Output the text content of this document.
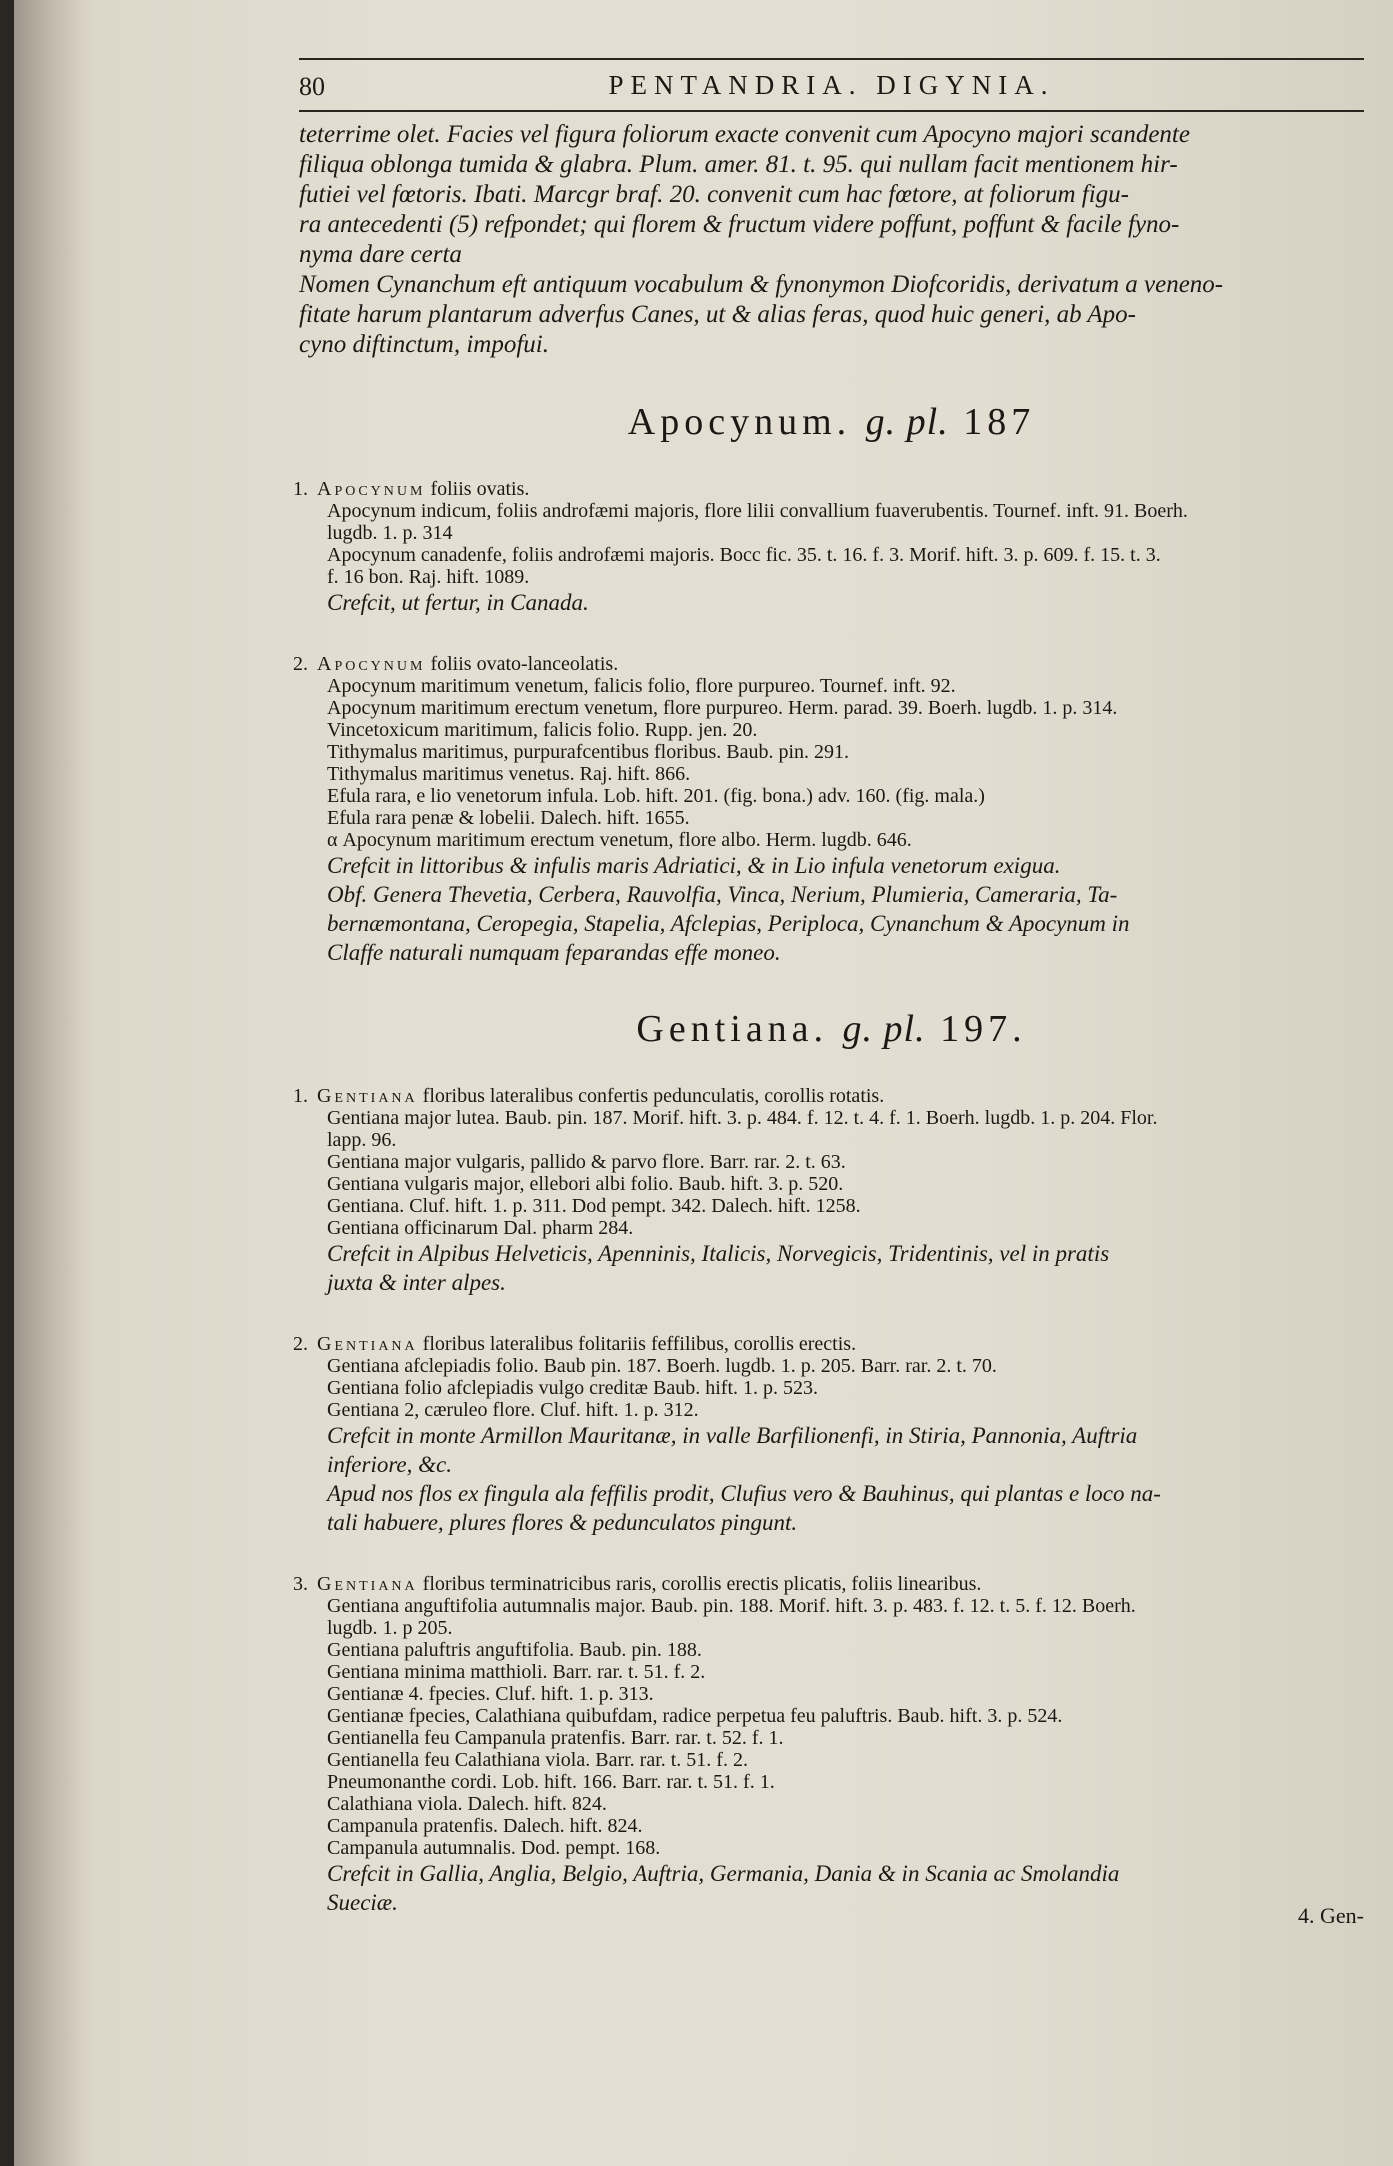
80	PENTANDRIA. DIGYNIA.
teterrime olet. Facies vel figura foliorum exacte convenit cum Apocyno majori scandente
filiqua oblonga tumida & glabra. Plum. amer. 81. t. 95. qui nullam facit mentionem hir-
futiei vel fœtoris. Ibati. Marcgr braf. 20. convenit cum hac fœtore, at foliorum figu-
ra antecedenti (5) refpondet; qui florem & fructum videre poffunt, poffunt & facile fyno-
nyma dare certa
Nomen Cynanchum eft antiquum vocabulum & fynonymon Diofcoridis, derivatum a veneno-
fitate harum plantarum adverfus Canes, ut & alias feras, quod huic generi, ab Apo-
cyno diftinctum, impofui.
Apocynum. g. pl. 187
1. Apocynum foliis ovatis.
Apocynum indicum, foliis androfæmi majoris, flore lilii convallium fuaverubentis. Tournef. inft. 91. Boerh.
lugdb. 1. p. 314
Apocynum canadenfe, foliis androfæmi majoris. Bocc fic. 35. t. 16. f. 3. Morif. hift. 3. p. 609. f. 15. t. 3.
f. 16 bon. Raj. hift. 1089.
Crefcit, ut fertur, in Canada.
2. Apocynum foliis ovato-lanceolatis.
Apocynum maritimum venetum, falicis folio, flore purpureo. Tournef. inft. 92.
Apocynum maritimum erectum venetum, flore purpureo. Herm. parad. 39. Boerh. lugdb. 1. p. 314.
Vincetoxicum maritimum, falicis folio. Rupp. jen. 20.
Tithymalus maritimus, purpurafcentibus floribus. Baub. pin. 291.
Tithymalus maritimus venetus. Raj. hift. 866.
Efula rara, e lio venetorum infula. Lob. hift. 201. (fig. bona.) adv. 160. (fig. mala.)
Efula rara penæ & lobelii. Dalech. hift. 1655.
α Apocynum maritimum erectum venetum, flore albo. Herm. lugdb. 646.
Crefcit in littoribus & infulis maris Adriatici, & in Lio infula venetorum exigua.
Obf. Genera Thevetia, Cerbera, Rauvolfia, Vinca, Nerium, Plumieria, Cameraria, Ta-
bernæmontana, Ceropegia, Stapelia, Afclepias, Periploca, Cynanchum & Apocynum in
Claffe naturali numquam feparandas effe moneo.
Gentiana. g. pl. 197.
1. Gentiana floribus lateralibus confertis pedunculatis, corollis rotatis.
Gentiana major lutea. Baub. pin. 187. Morif. hift. 3. p. 484. f. 12. t. 4. f. 1. Boerh. lugdb. 1. p. 204. Flor.
lapp. 96.
Gentiana major vulgaris, pallido & parvo flore. Barr. rar. 2. t. 63.
Gentiana vulgaris major, ellebori albi folio. Baub. hift. 3. p. 520.
Gentiana. Cluf. hift. 1. p. 311. Dod pempt. 342. Dalech. hift. 1258.
Gentiana officinarum Dal. pharm 284.
Crefcit in Alpibus Helveticis, Apenninis, Italicis, Norvegicis, Tridentinis, vel in pratis
juxta & inter alpes.
2. Gentiana floribus lateralibus folitariis feffilibus, corollis erectis.
Gentiana afclepiadis folio. Baub pin. 187. Boerh. lugdb. 1. p. 205. Barr. rar. 2. t. 70.
Gentiana folio afclepiadis vulgo creditæ Baub. hift. 1. p. 523.
Gentiana 2, cæruleo flore. Cluf. hift. 1. p. 312.
Crefcit in monte Armillon Mauritanæ, in valle Barfilionenfi, in Stiria, Pannonia, Auftria
inferiore, &c.
Apud nos flos ex fingula ala feffilis prodit, Clufius vero & Bauhinus, qui plantas e loco na-
tali habuere, plures flores & pedunculatos pingunt.
3. Gentiana floribus terminatricibus raris, corollis erectis plicatis, foliis linearibus.
Gentiana anguftifolia autumnalis major. Baub. pin. 188. Morif. hift. 3. p. 483. f. 12. t. 5. f. 12. Boerh.
lugdb. 1. p 205.
Gentiana paluftris anguftifolia. Baub. pin. 188.
Gentiana minima matthioli. Barr. rar. t. 51. f. 2.
Gentianæ 4. fpecies. Cluf. hift. 1. p. 313.
Gentianæ fpecies, Calathiana quibufdam, radice perpetua feu paluftris. Baub. hift. 3. p. 524.
Gentianella feu Campanula pratenfis. Barr. rar. t. 52. f. 1.
Gentianella feu Calathiana viola. Barr. rar. t. 51. f. 2.
Pneumonanthe cordi. Lob. hift. 166. Barr. rar. t. 51. f. 1.
Calathiana viola. Dalech. hift. 824.
Campanula pratenfis. Dalech. hift. 824.
Campanula autumnalis. Dod. pempt. 168.
Crefcit in Gallia, Anglia, Belgio, Auftria, Germania, Dania & in Scania ac Smolandia
Sueciæ.
4. Gen-
